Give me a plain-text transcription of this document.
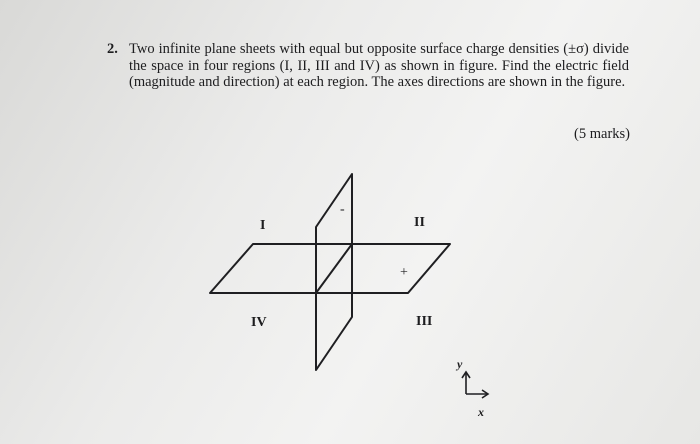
2. Two infinite plane sheets with equal but opposite surface charge densities (±σ) divide the space in four regions (I, II, III and IV) as shown in figure. Find the electric field (magnitude and direction) at each region. The axes directions are shown in the figure.

(5 marks)
I	II
III
IV
-
+
y
x
